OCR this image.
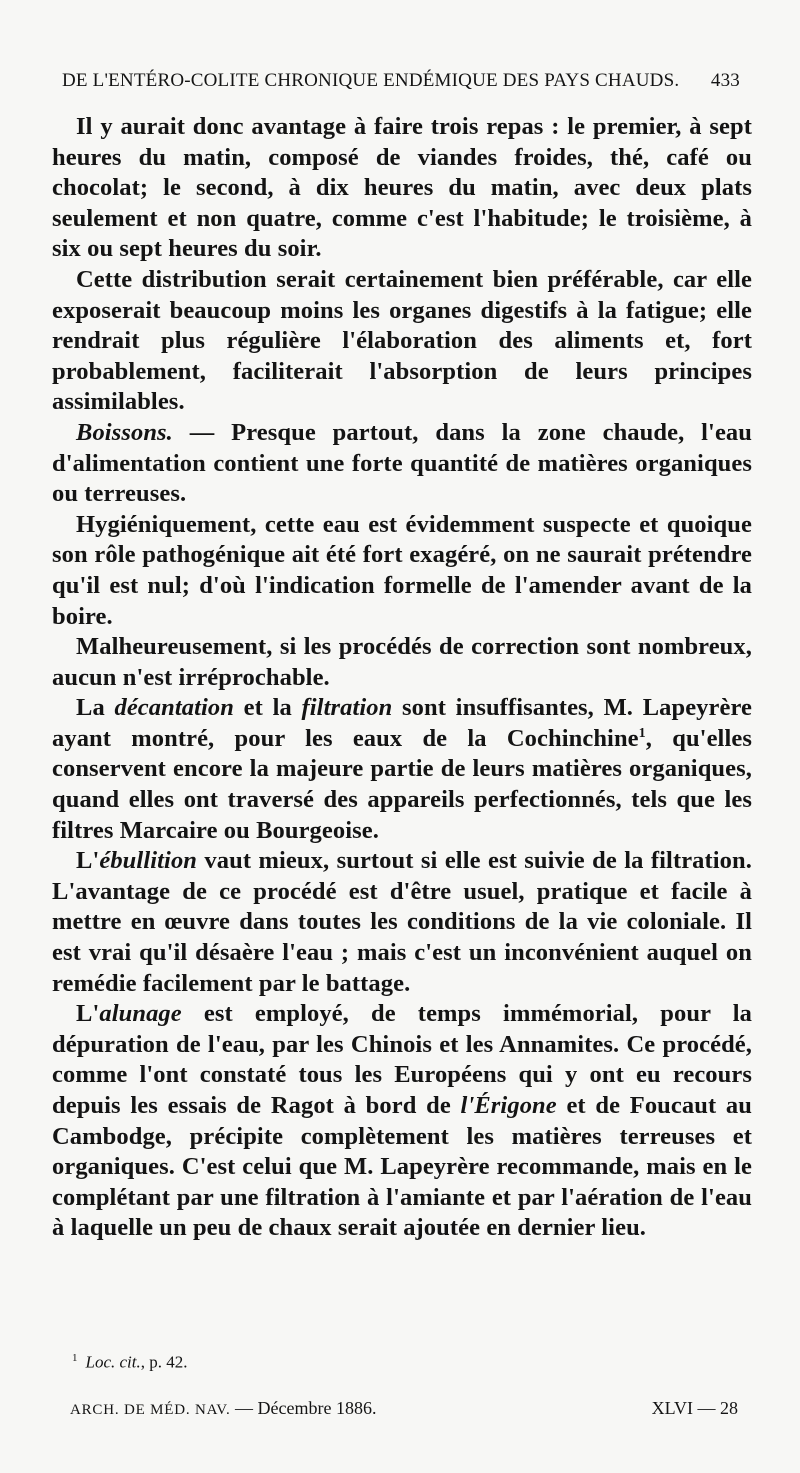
DE L'ENTÉRO-COLITE CHRONIQUE ENDÉMIQUE DES PAYS CHAUDS. 433

Il y aurait donc avantage à faire trois repas : le premier, à sept heures du matin, composé de viandes froides, thé, café ou chocolat; le second, à dix heures du matin, avec deux plats seulement et non quatre, comme c'est l'habitude; le troisième, à six ou sept heures du soir.

Cette distribution serait certainement bien préférable, car elle exposerait beaucoup moins les organes digestifs à la fatigue; elle rendrait plus régulière l'élaboration des aliments et, fort probablement, faciliterait l'absorption de leurs principes assimilables.

Boissons. — Presque partout, dans la zone chaude, l'eau d'alimentation contient une forte quantité de matières organiques ou terreuses.

Hygiéniquement, cette eau est évidemment suspecte et quoique son rôle pathogénique ait été fort exagéré, on ne saurait prétendre qu'il est nul; d'où l'indication formelle de l'amender avant de la boire.

Malheureusement, si les procédés de correction sont nombreux, aucun n'est irréprochable.

La décantation et la filtration sont insuffisantes, M. Lapeyrère ayant montré, pour les eaux de la Cochinchine$^1$, qu'elles conservent encore la majeure partie de leurs matières organiques, quand elles ont traversé des appareils perfectionnés, tels que les filtres Marcaire ou Bourgeoise.

L'ébullition vaut mieux, surtout si elle est suivie de la filtration. L'avantage de ce procédé est d'être usuel, pratique et facile à mettre en œuvre dans toutes les conditions de la vie coloniale. Il est vrai qu'il désaère l'eau ; mais c'est un inconvénient auquel on remédie facilement par le battage.

L'alunage est employé, de temps immémorial, pour la dépuration de l'eau, par les Chinois et les Annamites. Ce procédé, comme l'ont constaté tous les Européens qui y ont eu recours depuis les essais de Ragot à bord de l'Érigone et de Foucaut au Cambodge, précipite complètement les matières terreuses et organiques. C'est celui que M. Lapeyrère recommande, mais en le complétant par une filtration à l'amiante et par l'aération de l'eau à laquelle un peu de chaux serait ajoutée en dernier lieu.

$^1$ Loc. cit., p. 42.
ARCH. DE MÉD. NAV. — Décembre 1886.	XLVI — 28
